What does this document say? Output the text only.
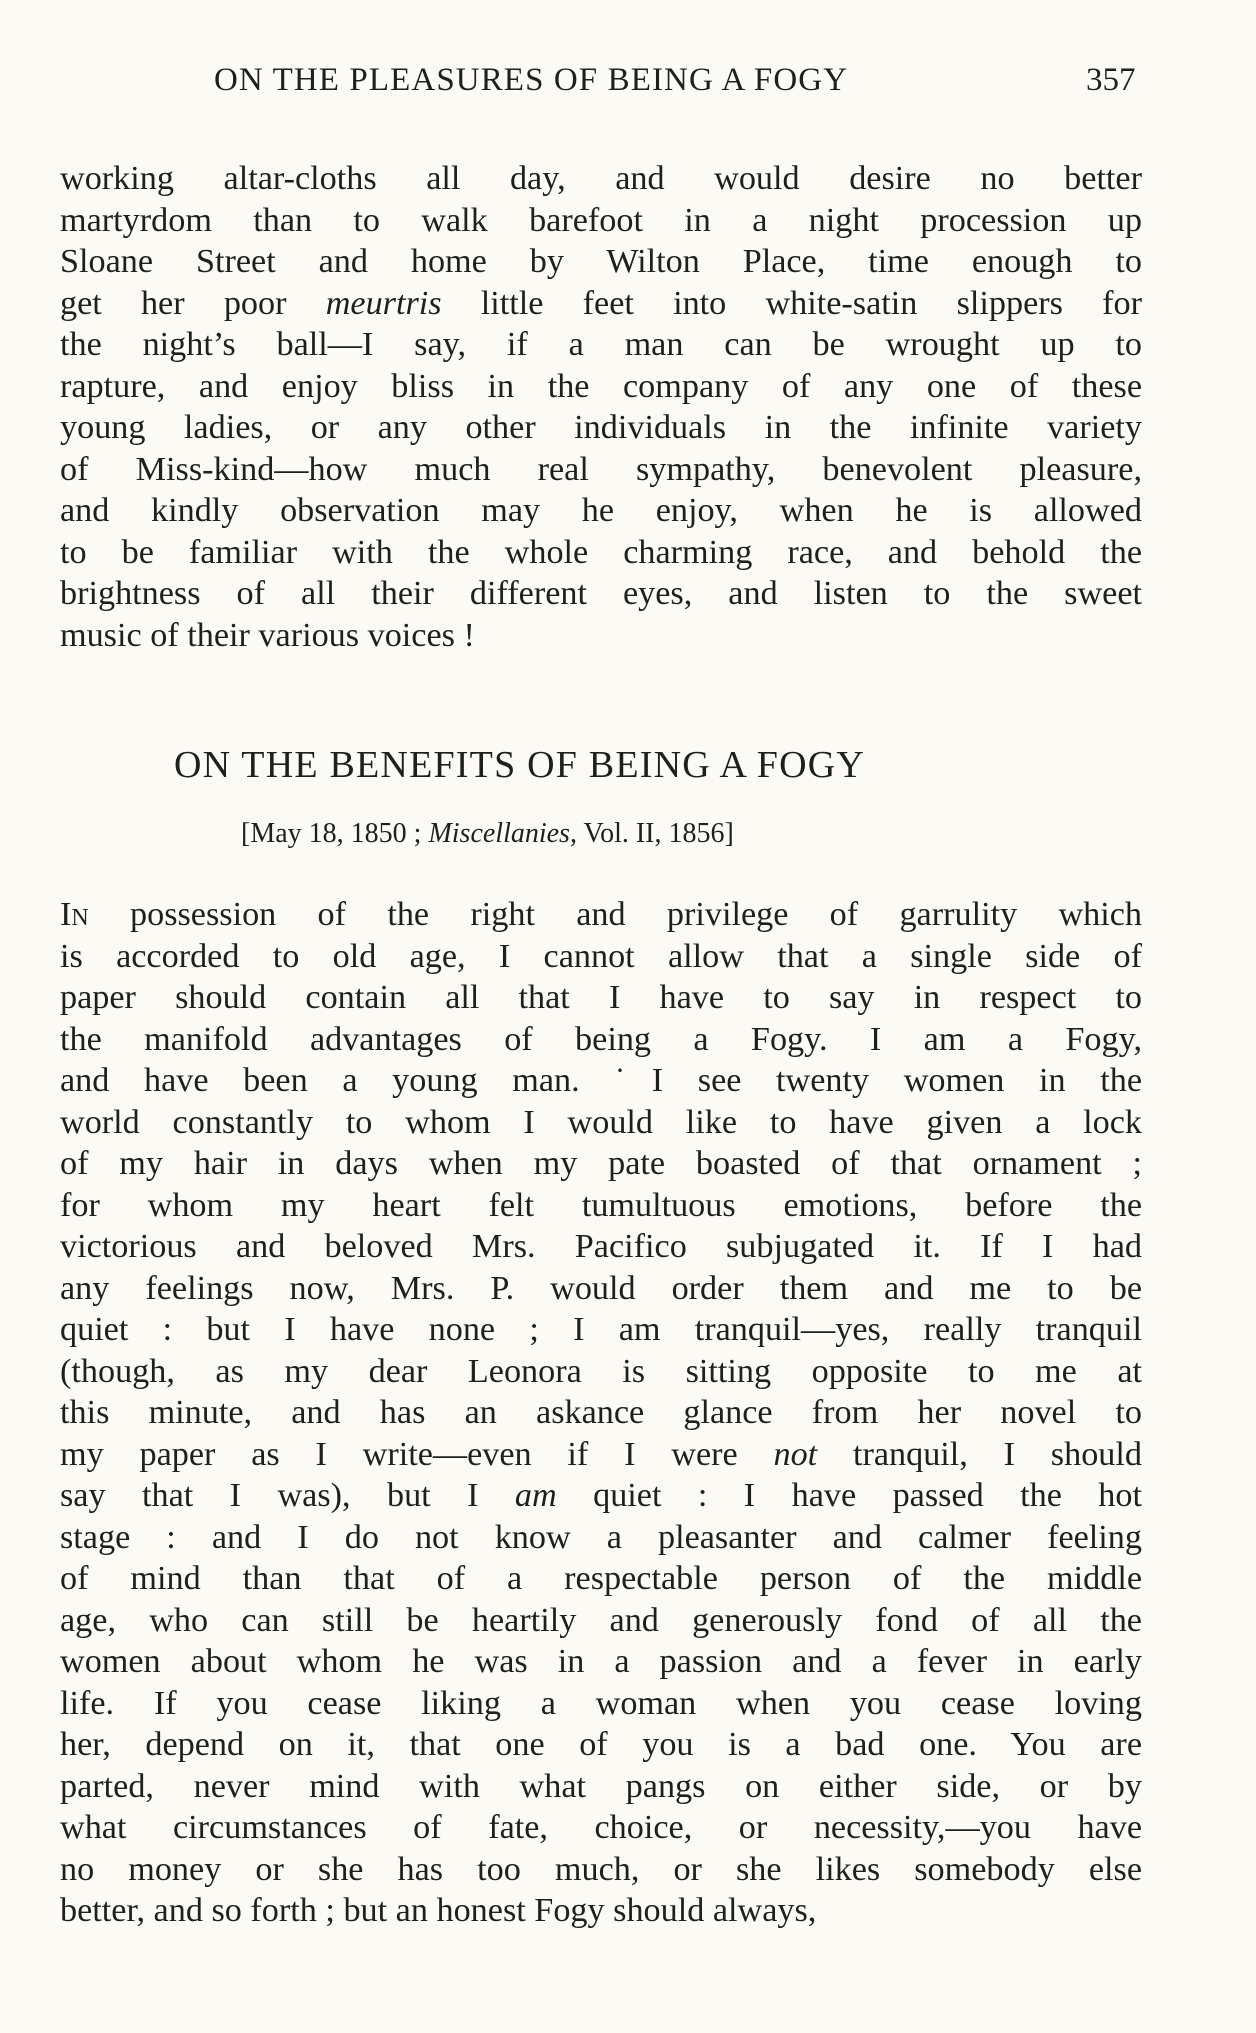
ON THE PLEASURES OF BEING A FOGY	357
working altar-cloths all day, and would desire no better
martyrdom than to walk barefoot in a night procession up
Sloane Street and home by Wilton Place, time enough to
get her poor meurtris little feet into white-satin slippers for
the night’s ball—I say, if a man can be wrought up to
rapture, and enjoy bliss in the company of any one of these
young ladies, or any other individuals in the infinite variety
of Miss-kind—how much real sympathy, benevolent pleasure,
and kindly observation may he enjoy, when he is allowed
to be familiar with the whole charming race, and behold the
brightness of all their different eyes, and listen to the sweet
music of their various voices !
ON THE BENEFITS OF BEING A FOGY
[May 18, 1850 ; Miscellanies, Vol. II, 1856]
In possession of the right and privilege of garrulity which
is accorded to old age, I cannot allow that a single side of
paper should contain all that I have to say in respect to
the manifold advantages of being a Fogy. I am a Fogy,
and have been a young man. ˙I see twenty women in the
world constantly to whom I would like to have given a lock
of my hair in days when my pate boasted of that ornament ;
for whom my heart felt tumultuous emotions, before the
victorious and beloved Mrs. Pacifico subjugated it. If I had
any feelings now, Mrs. P. would order them and me to be
quiet : but I have none ; I am tranquil—yes, really tranquil
(though, as my dear Leonora is sitting opposite to me at
this minute, and has an askance glance from her novel to
my paper as I write—even if I were not tranquil, I should
say that I was), but I am quiet : I have passed the hot
stage : and I do not know a pleasanter and calmer feeling
of mind than that of a respectable person of the middle
age, who can still be heartily and generously fond of all the
women about whom he was in a passion and a fever in early
life. If you cease liking a woman when you cease loving
her, depend on it, that one of you is a bad one. You are
parted, never mind with what pangs on either side, or by
what circumstances of fate, choice, or necessity,—you have
no money or she has too much, or she likes somebody else
better, and so forth ; but an honest Fogy should always,
